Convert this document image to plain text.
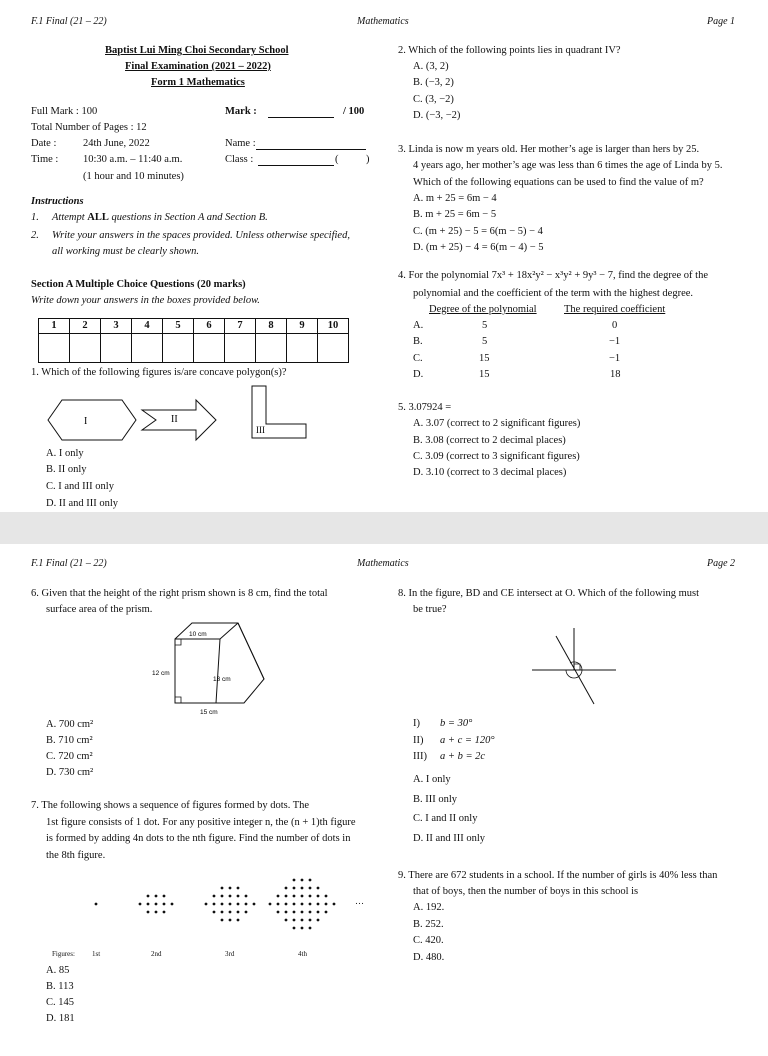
F.1 Final (21 – 22)	Mathematics	Page 1
Baptist Lui Ming Choi Secondary School
Final Examination (2021 – 2022)
Form 1 Mathematics
Full Mark : 100	Mark :	/ 100
Total Number of Pages : 12
Date :	24th June, 2022	Name :
Time : 10:30 a.m. – 11:40 a.m.	Class :	(	)
(1 hour and 10 minutes)
Instructions
1. Attempt ALL questions in Section A and Section B.
2. Write your answers in the spaces provided. Unless otherwise specified,
all working must be clearly shown.
Section A Multiple Choice Questions (20 marks)
Write down your answers in the boxes provided below.
1	2	3	4	5	6	7	8	9	10

1. Which of the following figures is/are concave polygon(s)?
I	II
III
A. I only
B. II only
C. I and III only
D. II and III only
2. Which of the following points lies in quadrant IV?
A. (3, 2)
B. (−3, 2)
C. (3, −2)
D. (−3, −2)
3. Linda is now m years old. Her mother’s age is larger than hers by 25.
4 years ago, her mother’s age was less than 6 times the age of Linda by 5.
Which of the following equations can be used to find the value of m?
A. m + 25 = 6m − 4
B. m + 25 = 6m − 5
C. (m + 25) − 5 = 6(m − 5) − 4
D. (m + 25) − 4 = 6(m − 4) − 5
4. For the polynomial 7x³ + 18x²y² − x³y² + 9y³ − 7, find the degree of the
polynomial and the coefficient of the term with the highest degree.
Degree of the polynomial	The required coefficient
A.	5	0
B.	5	−1
C.	15	−1
D.	15	18
5. 3.07924 =
A. 3.07 (correct to 2 significant figures)
B. 3.08 (correct to 2 decimal places)
C. 3.09 (correct to 3 significant figures)
D. 3.10 (correct to 3 decimal places)
F.1 Final (21 – 22)	Mathematics	Page 2
6. Given that the height of the right prism shown is 8 cm, find the total
surface area of the prism.
10 cm
12 cm
13 cm
15 cm
A. 700 cm²
B. 710 cm²
C. 720 cm²
D. 730 cm²
7. The following shows a sequence of figures formed by dots. The
1st figure consists of 1 dot. For any positive integer n, the (n + 1)th figure
is formed by adding 4n dots to the nth figure. Find the number of dots in
the 8th figure.
…
Figures: 1st	2nd	3rd	4th
A. 85
B. 113
C. 145
D. 181
8. In the figure, BD and CE intersect at O. Which of the following must
be true?
I) b = 30°
II) a + c = 120°
III) a + b = 2c
A. I only
B. III only
C. I and II only
D. II and III only
9. There are 672 students in a school. If the number of girls is 40% less than
that of boys, then the number of boys in this school is
A. 192.
B. 252.
C. 420.
D. 480.
